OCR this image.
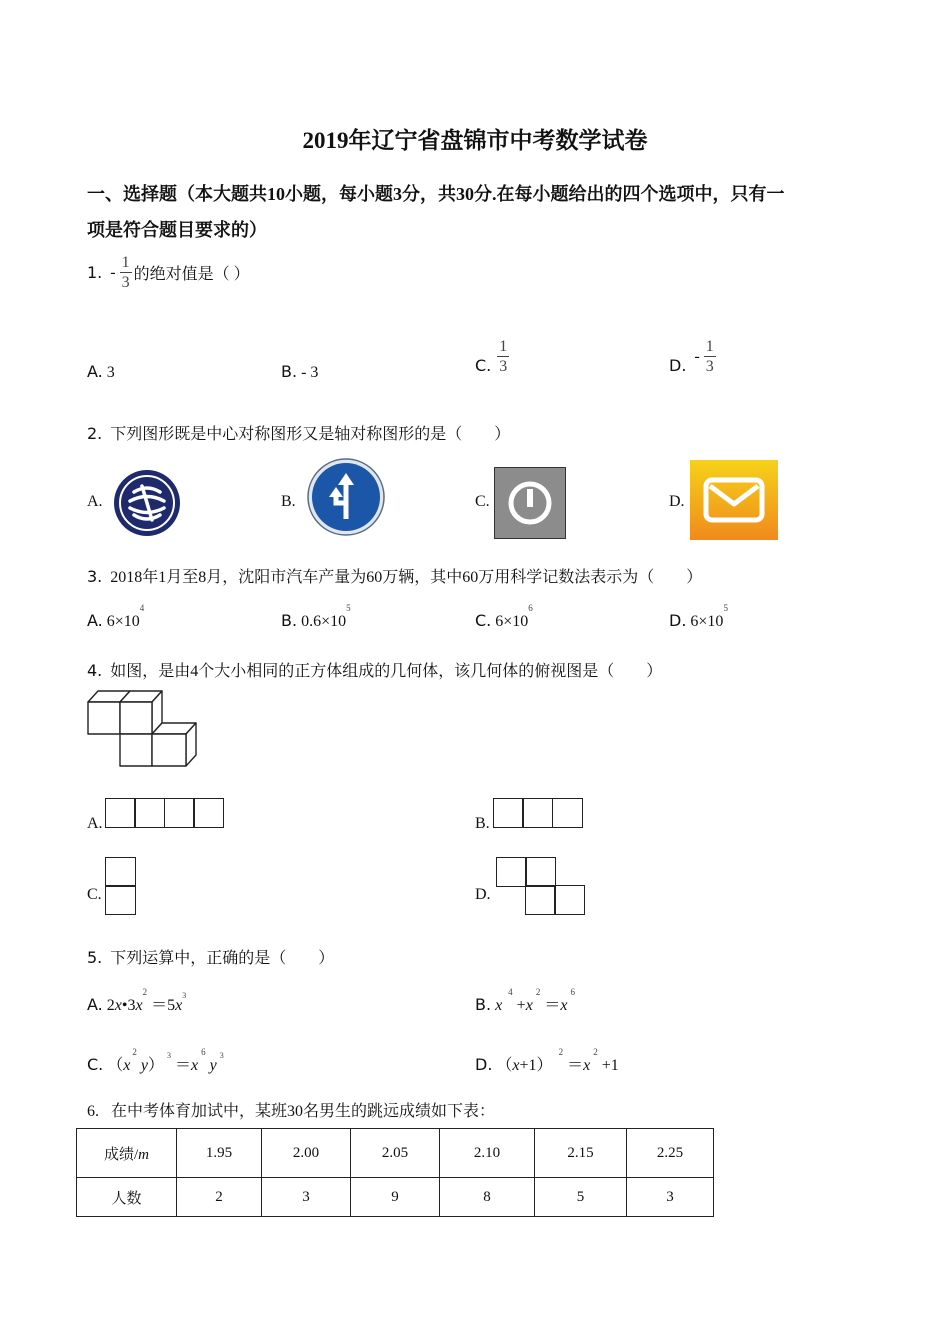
2019年辽宁省盘锦市中考数学试卷
一、选择题（本大题共10小题，每小题3分，共30分.在每小题给出的四个选项中，只有一
项是符合题目要求的）
1. - $\frac{1}{3}$ 的绝对值是（ ）
A. 3	B. - 3	C. $\frac{1}{3}$	D. - $\frac{1}{3}$
2. 下列图形既是中心对称图形又是轴对称图形的是（　　）
A.	B.	C.	D.
3. 2018年1月至8月，沈阳市汽车产量为60万辆，其中60万用科学记数法表示为（　　）
A. $6\times 10^4$
B. $0.6\times 10^5$
C. $6\times 10^6$
D. $6\times 10^5$
4. 如图，是由4个大小相同的正方体组成的几何体，该几何体的俯视图是（　　）
A.	B.
C.	D.
5. 下列运算中，正确的是（　　）
A. $2x•3x^2 =5x^3$	B. $x^4 +x^2 =x^6$
C. （$x^2$ $y)^3 =x^6$ $y^3$	D. $(x+1)^2 =x^2 +1$
6. 在中考体育加试中，某班30名男生的跳远成绩如下表：
成绩/m	1.95	2.00	2.05	2.10	2.15	2.25
人数	2	3	9	8	5	3
